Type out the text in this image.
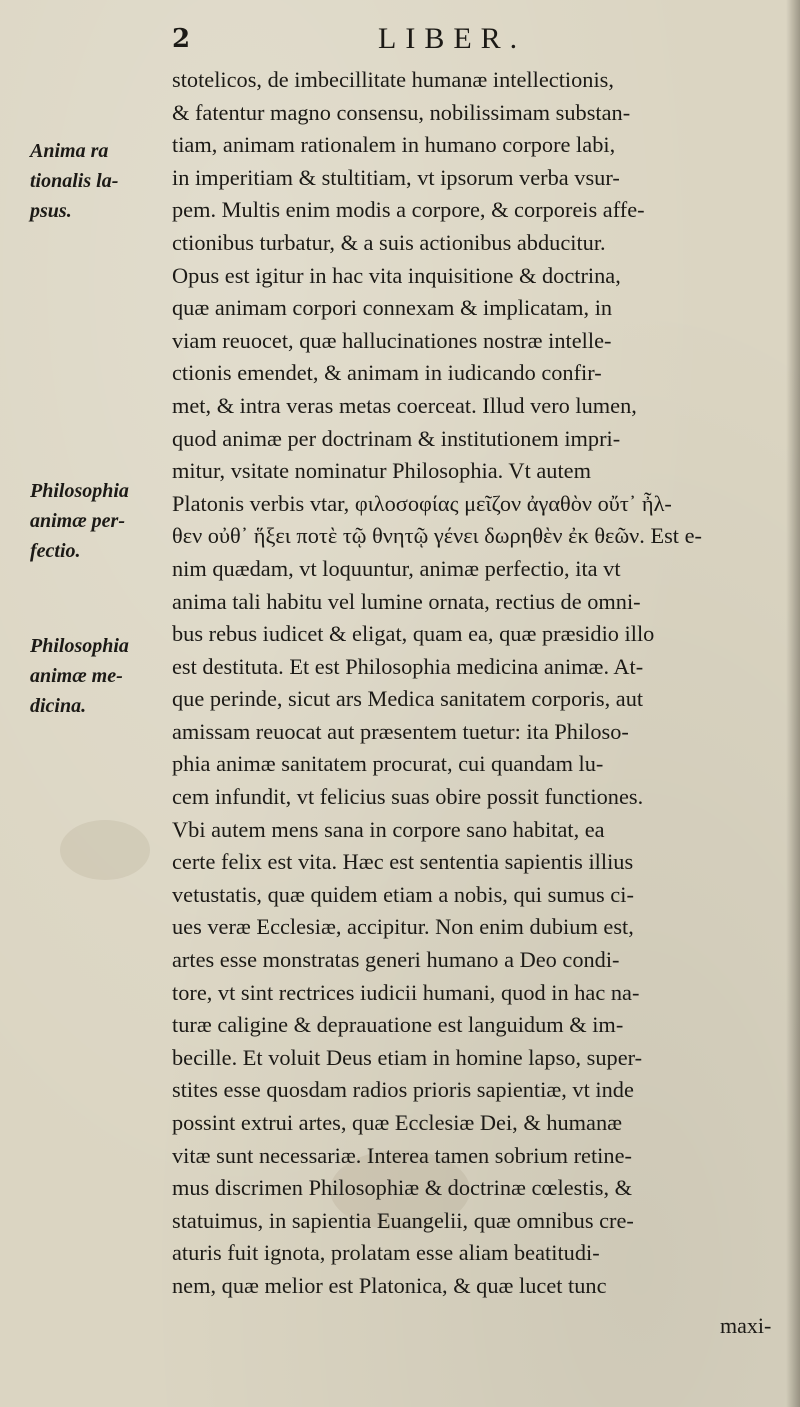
2	LIBER.
Anima ra
tionalis la-
psus.
Philosophia
animæ per-
fectio.
Philosophia
animæ me-
dicina.
stotelicos, de imbecillitate humanæ intellectionis,
& fatentur magno consensu, nobilissimam substan-
tiam, animam rationalem in humano corpore labi,
in imperitiam & stultitiam, vt ipsorum verba vsur-
pem. Multis enim modis a corpore, & corporeis affe-
ctionibus turbatur, & a suis actionibus abducitur.
Opus est igitur in hac vita inquisitione & doctrina,
quæ animam corpori connexam & implicatam, in
viam reuocet, quæ hallucinationes nostræ intelle-
ctionis emendet, & animam in iudicando confir-
met, & intra veras metas coerceat. Illud vero lumen,
quod animæ per doctrinam & institutionem impri-
mitur, vsitate nominatur Philosophia. Vt autem
Platonis verbis vtar, φιλοσοφίας μεῖζον ἀγαθὸν οὔτ᾽ ἦλ-
θεν οὐθ᾽ ἥξει ποτὲ τῷ θνητῷ γένει δωρηθὲν ἐκ θεῶν. Est e-
nim quædam, vt loquuntur, animæ perfectio, ita vt
anima tali habitu vel lumine ornata, rectius de omni-
bus rebus iudicet & eligat, quam ea, quæ præsidio illo
est destituta. Et est Philosophia medicina animæ. At-
que perinde, sicut ars Medica sanitatem corporis, aut
amissam reuocat aut præsentem tuetur: ita Philoso-
phia animæ sanitatem procurat, cui quandam lu-
cem infundit, vt felicius suas obire possit functiones.
Vbi autem mens sana in corpore sano habitat, ea
certe felix est vita. Hæc est sententia sapientis illius
vetustatis, quæ quidem etiam a nobis, qui sumus ci-
ues veræ Ecclesiæ, accipitur. Non enim dubium est,
artes esse monstratas generi humano a Deo condi-
tore, vt sint rectrices iudicii humani, quod in hac na-
turæ caligine & deprauatione est languidum & im-
becille. Et voluit Deus etiam in homine lapso, super-
stites esse quosdam radios prioris sapientiæ, vt inde
possint extrui artes, quæ Ecclesiæ Dei, & humanæ
vitæ sunt necessariæ. Interea tamen sobrium retine-
mus discrimen Philosophiæ & doctrinæ cœlestis, &
statuimus, in sapientia Euangelii, quæ omnibus cre-
aturis fuit ignota, prolatam esse aliam beatitudi-
nem, quæ melior est Platonica, & quæ lucet tunc
maxi-
